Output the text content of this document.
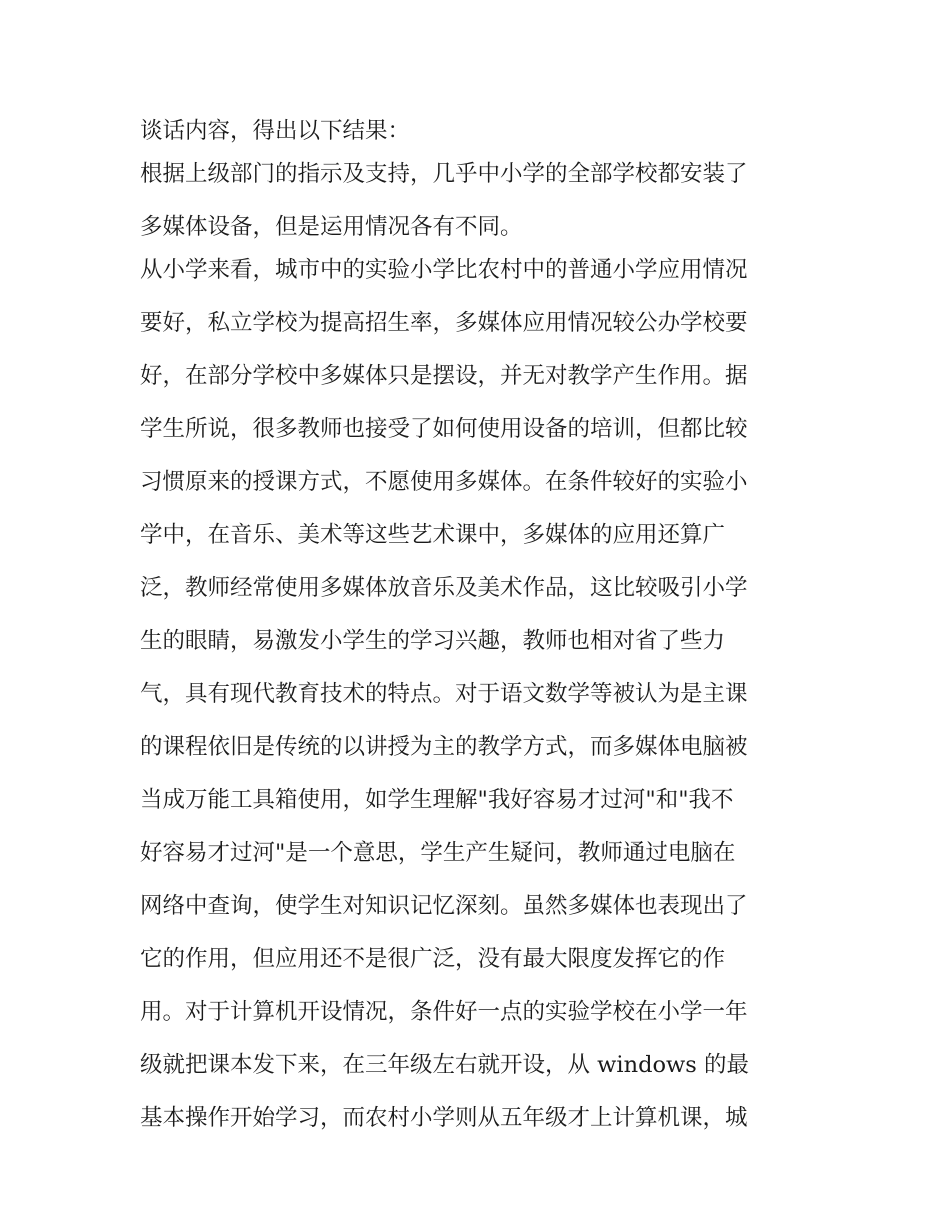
谈话内容，得出以下结果：
根据上级部门的指示及支持，几乎中小学的全部学校都安装了
多媒体设备，但是运用情况各有不同。
从小学来看，城市中的实验小学比农村中的普通小学应用情况
要好，私立学校为提高招生率，多媒体应用情况较公办学校要
好，在部分学校中多媒体只是摆设，并无对教学产生作用。据
学生所说，很多教师也接受了如何使用设备的培训，但都比较
习惯原来的授课方式，不愿使用多媒体。在条件较好的实验小
学中，在音乐、美术等这些艺术课中，多媒体的应用还算广
泛，教师经常使用多媒体放音乐及美术作品，这比较吸引小学
生的眼睛，易激发小学生的学习兴趣，教师也相对省了些力
气，具有现代教育技术的特点。对于语文数学等被认为是主课
的课程依旧是传统的以讲授为主的教学方式，而多媒体电脑被
当成万能工具箱使用，如学生理解"我好容易才过河"和"我不
好容易才过河"是一个意思，学生产生疑问，教师通过电脑在
网络中查询，使学生对知识记忆深刻。虽然多媒体也表现出了
它的作用，但应用还不是很广泛，没有最大限度发挥它的作
用。对于计算机开设情况，条件好一点的实验学校在小学一年
级就把课本发下来，在三年级左右就开设，从 windows 的最
基本操作开始学习，而农村小学则从五年级才上计算机课，城
